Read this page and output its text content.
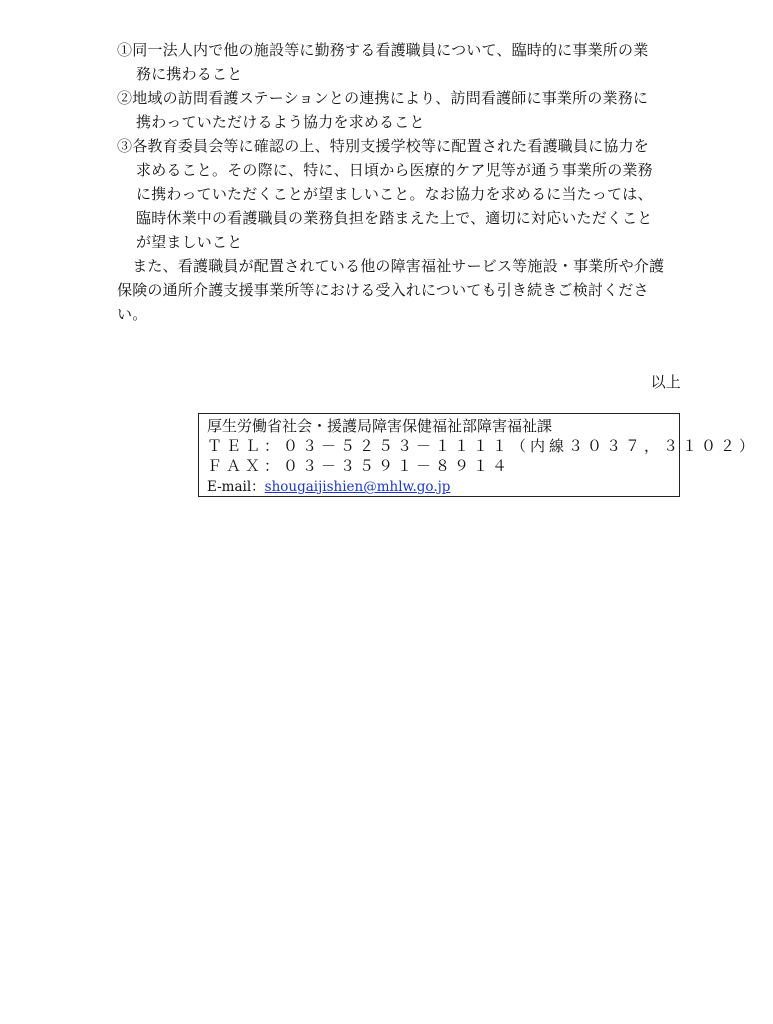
①同一法人内で他の施設等に勤務する看護職員について、臨時的に事業所の業
務に携わること
②地域の訪問看護ステーションとの連携により、訪問看護師に事業所の業務に
携わっていただけるよう協力を求めること
③各教育委員会等に確認の上、特別支援学校等に配置された看護職員に協力を
求めること。その際に、特に、日頃から医療的ケア児等が通う事業所の業務
に携わっていただくことが望ましいこと。なお協力を求めるに当たっては、
臨時休業中の看護職員の業務負担を踏まえた上で、適切に対応いただくこと
が望ましいこと
　また、看護職員が配置されている他の障害福祉サービス等施設・事業所や介護
保険の通所介護支援事業所等における受入れについても引き続きご検討くださ
い。
以上
厚生労働省社会・援護局障害保健福祉部障害福祉課
ＴＥＬ：０３－５２５３－１１１１（内線３０３７，３１０２）
ＦＡＸ：０３－３５９１－８９１４
E-mail：shougaijishien@mhlw.go.jp
